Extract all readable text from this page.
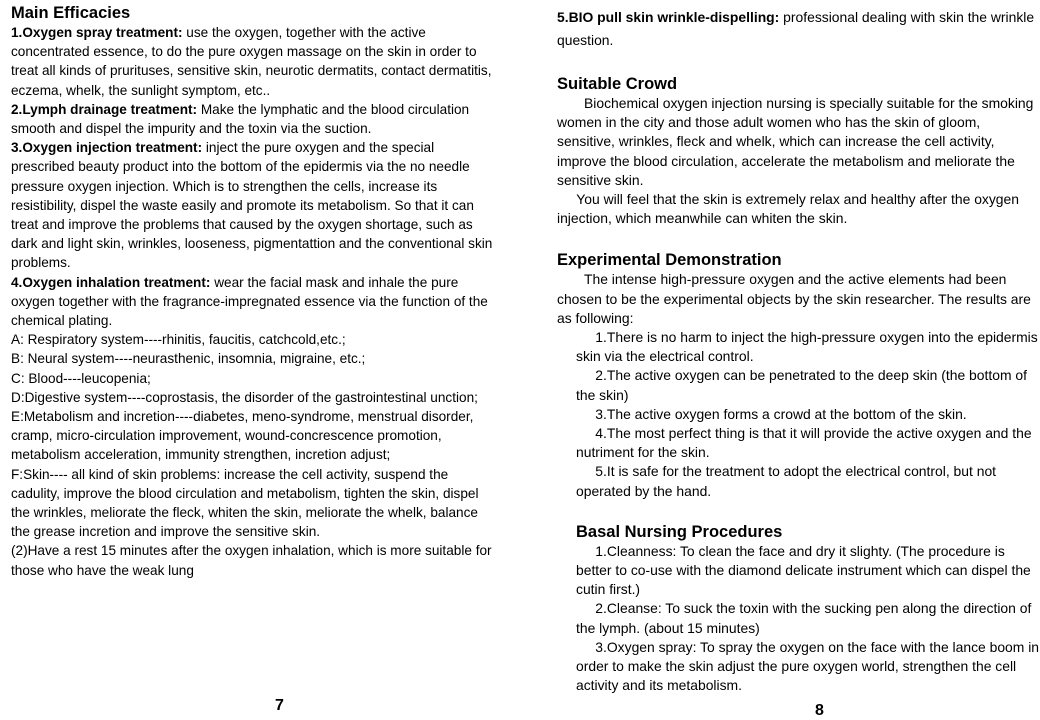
Main Efficacies

1.Oxygen spray treatment: use the oxygen, together with the active concentrated essence, to do the pure oxygen massage on the skin in order to treat all kinds of prurituses, sensitive skin, neurotic dermatits, contact dermatitis, eczema, whelk, the sunlight symptom, etc..

2.Lymph drainage treatment: Make the lymphatic and the blood circulation smooth and dispel the impurity and the toxin via the suction.

3.Oxygen injection treatment: inject the pure oxygen and the special prescribed beauty product into the bottom of the epidermis via the no needle pressure oxygen injection. Which is to strengthen the cells, increase its resistibility, dispel the waste easily and promote its metabolism. So that it can treat and improve the problems that caused by the oxygen shortage, such as dark and light skin, wrinkles, looseness, pigmentattion and the conventional skin problems.

4.Oxygen inhalation treatment: wear the facial mask and inhale the pure oxygen together with the fragrance-impregnated essence via the function of the chemical plating.

A: Respiratory system----rhinitis, faucitis, catchcold,etc.;

B: Neural system----neurasthenic, insomnia, migraine, etc.;

C: Blood----leucopenia;

D:Digestive system----coprostasis, the disorder of the gastrointestinal unction;

E:Metabolism and incretion----diabetes, meno-syndrome, menstrual disorder, cramp, micro-circulation improvement, wound-concrescence promotion, metabolism acceleration, immunity strengthen, incretion adjust;

F:Skin---- all kind of skin problems: increase the cell activity, suspend the cadulity, improve the blood circulation and metabolism, tighten the skin, dispel the wrinkles, meliorate the fleck, whiten the skin, meliorate the whelk, balance the grease incretion and improve the sensitive skin.

(2)Have a rest 15 minutes after the oxygen inhalation, which is more suitable for those who have the weak lung

7

5.BIO pull skin wrinkle-dispelling: professional dealing with skin the wrinkle question.

Suitable Crowd

Biochemical oxygen injection nursing is specially suitable for the smoking women in the city and those adult women who has the skin of gloom, sensitive, wrinkles, fleck and whelk, which can increase the cell activity, improve the blood circulation, accelerate the metabolism and meliorate the sensitive skin.

You will feel that the skin is extremely relax and healthy after the oxygen injection, which meanwhile can whiten the skin.

Experimental Demonstration

The intense high-pressure oxygen and the active elements had been chosen to be the experimental objects by the skin researcher. The results are as following:

1.There is no harm to inject the high-pressure oxygen into the epidermis skin via the electrical control.

2.The active oxygen can be penetrated to the deep skin (the bottom of the skin)

3.The active oxygen forms a crowd at the bottom of the skin.

4.The most perfect thing is that it will provide the active oxygen and the nutriment for the skin.

5.It is safe for the treatment to adopt the electrical control, but not operated by the hand.

Basal Nursing Procedures

1.Cleanness: To clean the face and dry it slighty. (The procedure is better to co-use with the diamond delicate instrument which can dispel the cutin first.)

2.Cleanse: To suck the toxin with the sucking pen along the direction of the lymph. (about 15 minutes)

3.Oxygen spray: To spray the oxygen on the face with the lance boom in order to make the skin adjust the pure oxygen world, strengthen the cell activity and its metabolism.

8
